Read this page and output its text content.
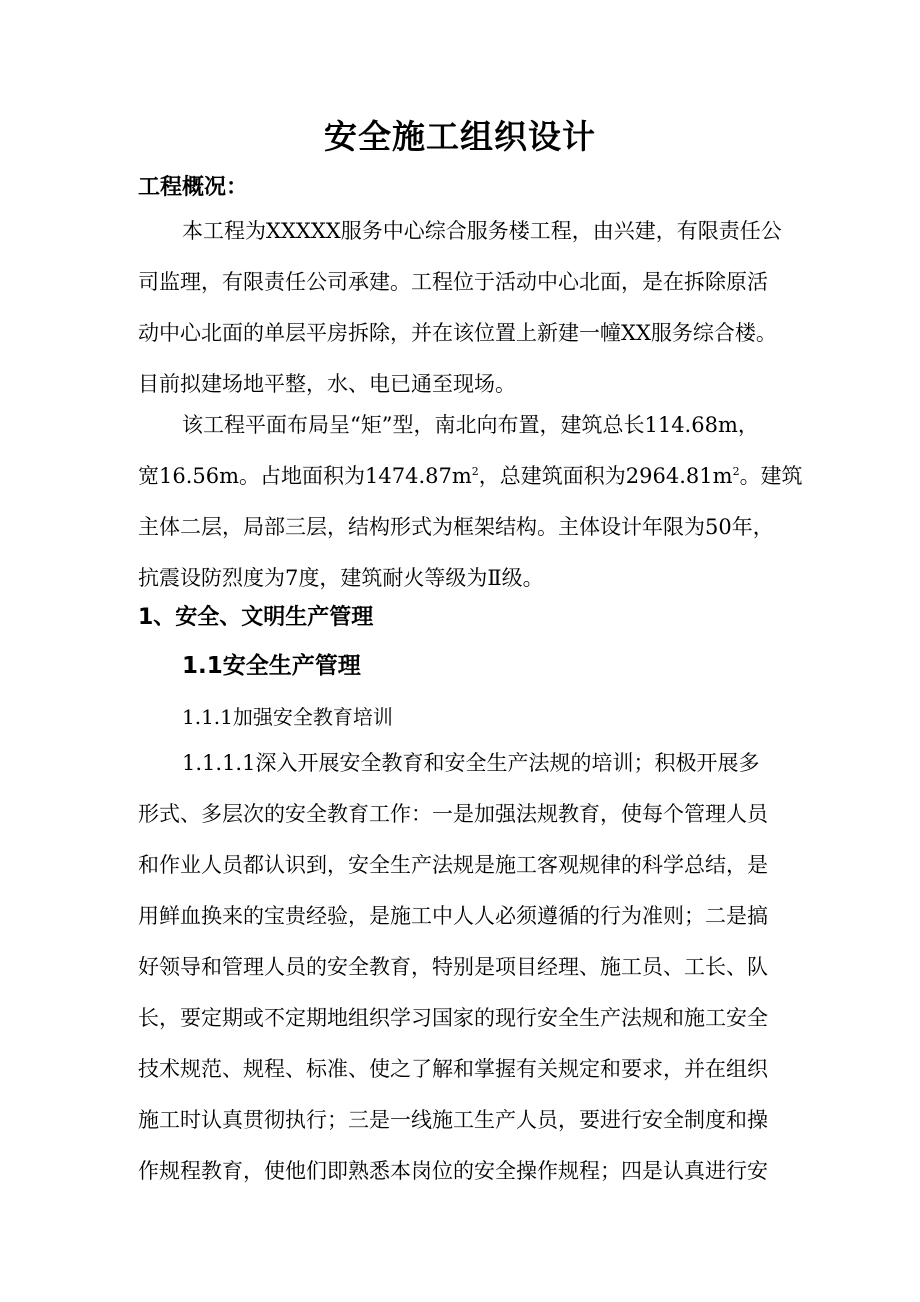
安全施工组织设计
工程概况：
本工程为XXXXX服务中心综合服务楼工程，由兴建，有限责任公
司监理，有限责任公司承建。工程位于活动中心北面，是在拆除原活
动中心北面的单层平房拆除，并在该位置上新建一幢XX服务综合楼。
目前拟建场地平整，水、电已通至现场。
该工程平面布局呈“矩”型，南北向布置，建筑总长114.68m，
宽16.56m。占地面积为$1474.87m^2$，总建筑面积为$2964.81m^2$。建筑
主体二层，局部三层，结构形式为框架结构。主体设计年限为50年，
抗震设防烈度为7度，建筑耐火等级为Ⅱ级。
1、安全、文明生产管理
1.1安全生产管理
1.1.1加强安全教育培训
1.1.1.1深入开展安全教育和安全生产法规的培训；积极开展多
形式、多层次的安全教育工作：一是加强法规教育，使每个管理人员
和作业人员都认识到，安全生产法规是施工客观规律的科学总结，是
用鲜血换来的宝贵经验，是施工中人人必须遵循的行为准则；二是搞
好领导和管理人员的安全教育，特别是项目经理、施工员、工长、队
长，要定期或不定期地组织学习国家的现行安全生产法规和施工安全
技术规范、规程、标准、使之了解和掌握有关规定和要求，并在组织
施工时认真贯彻执行；三是一线施工生产人员，要进行安全制度和操
作规程教育，使他们即熟悉本岗位的安全操作规程；四是认真进行安
